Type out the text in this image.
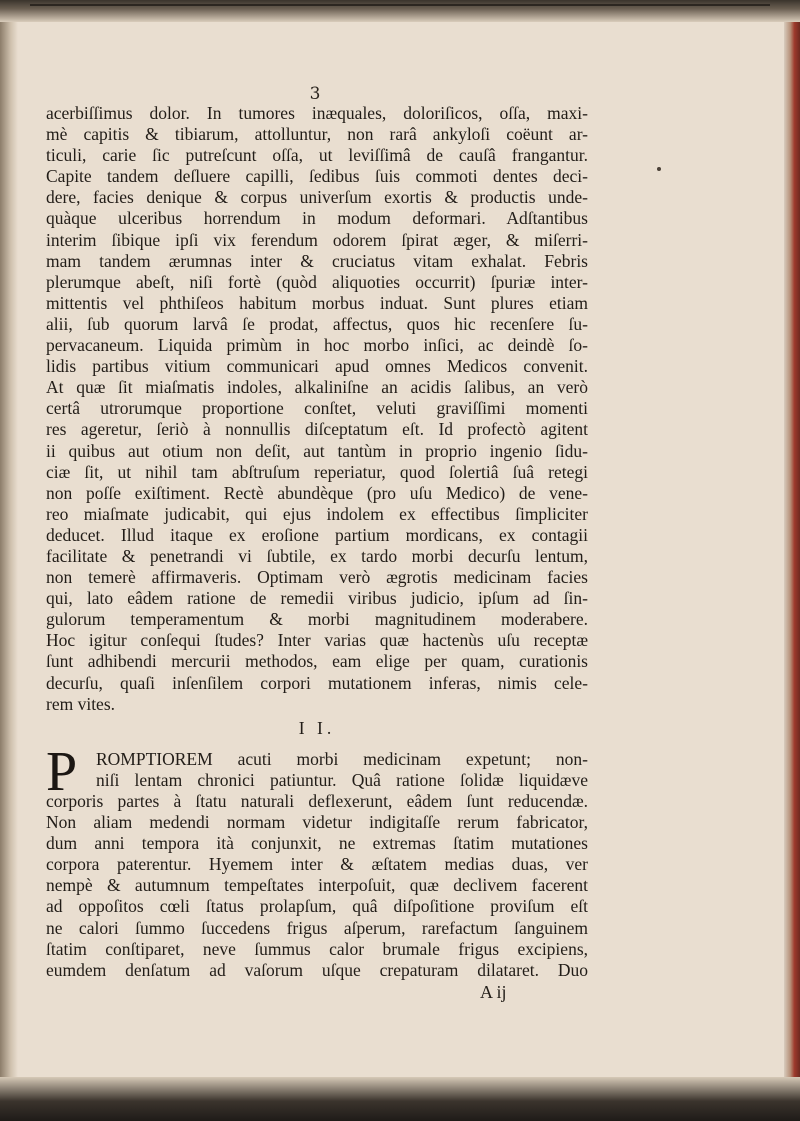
3
acerbiſſimus dolor. In tumores inæquales, doloriſicos, oſſa, maxi-
mè capitis & tibiarum, attolluntur, non rarâ ankyloſi coëunt ar-
ticuli, carie ſic putreſcunt oſſa, ut leviſſimâ de cauſâ frangantur.
Capite tandem deſluere capilli, ſedibus ſuis commoti dentes deci-
dere, facies denique & corpus univerſum exortis & productis unde-
quàque ulceribus horrendum in modum deformari. Adſtantibus
interim ſibique ipſi vix ferendum odorem ſpirat æger, & miſerri-
mam tandem ærumnas inter & cruciatus vitam exhalat. Febris
plerumque abeſt, niſi fortè (quòd aliquoties occurrit) ſpuriæ inter-
mittentis vel phthiſeos habitum morbus induat. Sunt plures etiam
alii, ſub quorum larvâ ſe prodat, affectus, quos hic recenſere ſu-
pervacaneum. Liquida primùm in hoc morbo inſici, ac deindè ſo-
lidis partibus vitium communicari apud omnes Medicos convenit.
At quæ ſit miaſmatis indoles, alkaliniſne an acidis ſalibus, an verò
certâ utrorumque proportione conſtet, veluti graviſſimi momenti
res ageretur, ſeriò à nonnullis diſceptatum eſt. Id profectò agitent
ii quibus aut otium non deſit, aut tantùm in proprio ingenio ſidu-
ciæ ſit, ut nihil tam abſtruſum reperiatur, quod ſolertiâ ſuâ retegi
non poſſe exiſtiment. Rectè abundèque (pro uſu Medico) de vene-
reo miaſmate judicabit, qui ejus indolem ex effectibus ſimpliciter
deducet. Illud itaque ex eroſione partium mordicans, ex contagii
facilitate & penetrandi vi ſubtile, ex tardo morbi decurſu lentum,
non temerè affirmaveris. Optimam verò ægrotis medicinam facies
qui, lato eâdem ratione de remedii viribus judicio, ipſum ad ſin-
gulorum temperamentum & morbi magnitudinem moderabere.
Hoc igitur conſequi ſtudes? Inter varias quæ hactenùs uſu receptæ
ſunt adhibendi mercurii methodos, eam elige per quam, curationis
decurſu, quaſi inſenſilem corpori mutationem inferas, nimis cele-
rem vites.
I I.
P ROMPTIOREM acuti morbi medicinam expetunt; non-
niſi lentam chronici patiuntur. Quâ ratione ſolidæ liquidæve
corporis partes à ſtatu naturali deflexerunt, eâdem ſunt reducendæ.
Non aliam medendi normam videtur indigitaſſe rerum fabricator,
dum anni tempora ità conjunxit, ne extremas ſtatim mutationes
corpora paterentur. Hyemem inter & æſtatem medias duas, ver
nempè & autumnum tempeſtates interpoſuit, quæ declivem facerent
ad oppoſitos cœli ſtatus prolapſum, quâ diſpoſitione proviſum eſt
ne calori ſummo ſuccedens frigus aſperum, rarefactum ſanguinem
ſtatim conſtiparet, neve ſummus calor brumale frigus excipiens,
eumdem denſatum ad vaſorum uſque crepaturam dilataret. Duo
A ij
